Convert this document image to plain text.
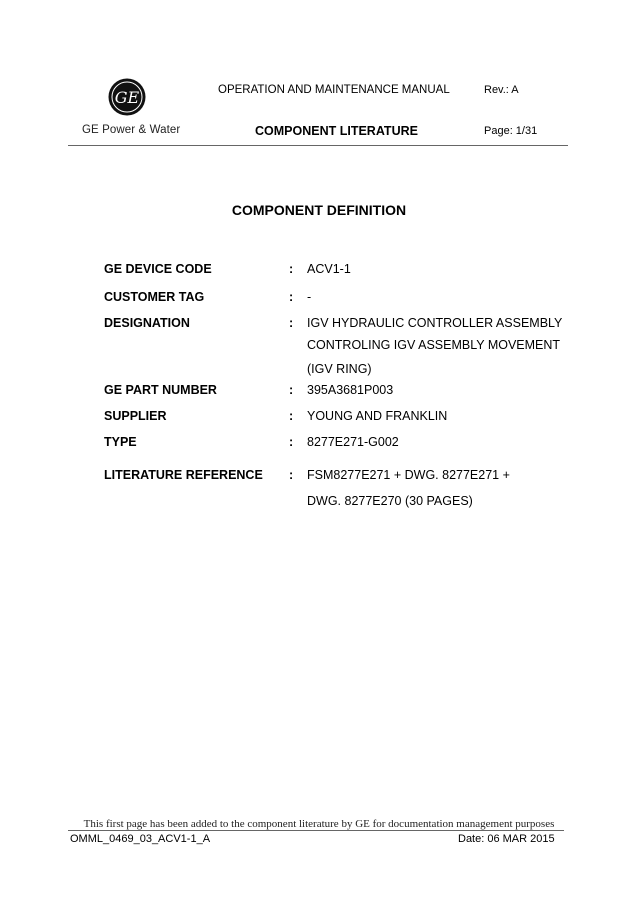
GE
GE Power & Water
OPERATION AND MAINTENANCE MANUAL	Rev.: A
COMPONENT LITERATURE	Page: 1/31
COMPONENT DEFINITION
GE DEVICE CODE	: ACV1-1
CUSTOMER TAG	: -
DESIGNATION	: IGV HYDRAULIC CONTROLLER ASSEMBLY
CONTROLING IGV ASSEMBLY MOVEMENT
(IGV RING)
GE PART NUMBER	: 395A3681P003
SUPPLIER	: YOUNG AND FRANKLIN
TYPE	: 8277E271-G002
LITERATURE REFERENCE : FSM8277E271 + DWG. 8277E271 +
DWG. 8277E270 (30 PAGES)
This first page has been added to the component literature by GE for documentation management purposes
OMML_0469_03_ACV1-1_A	Date: 06 MAR 2015
